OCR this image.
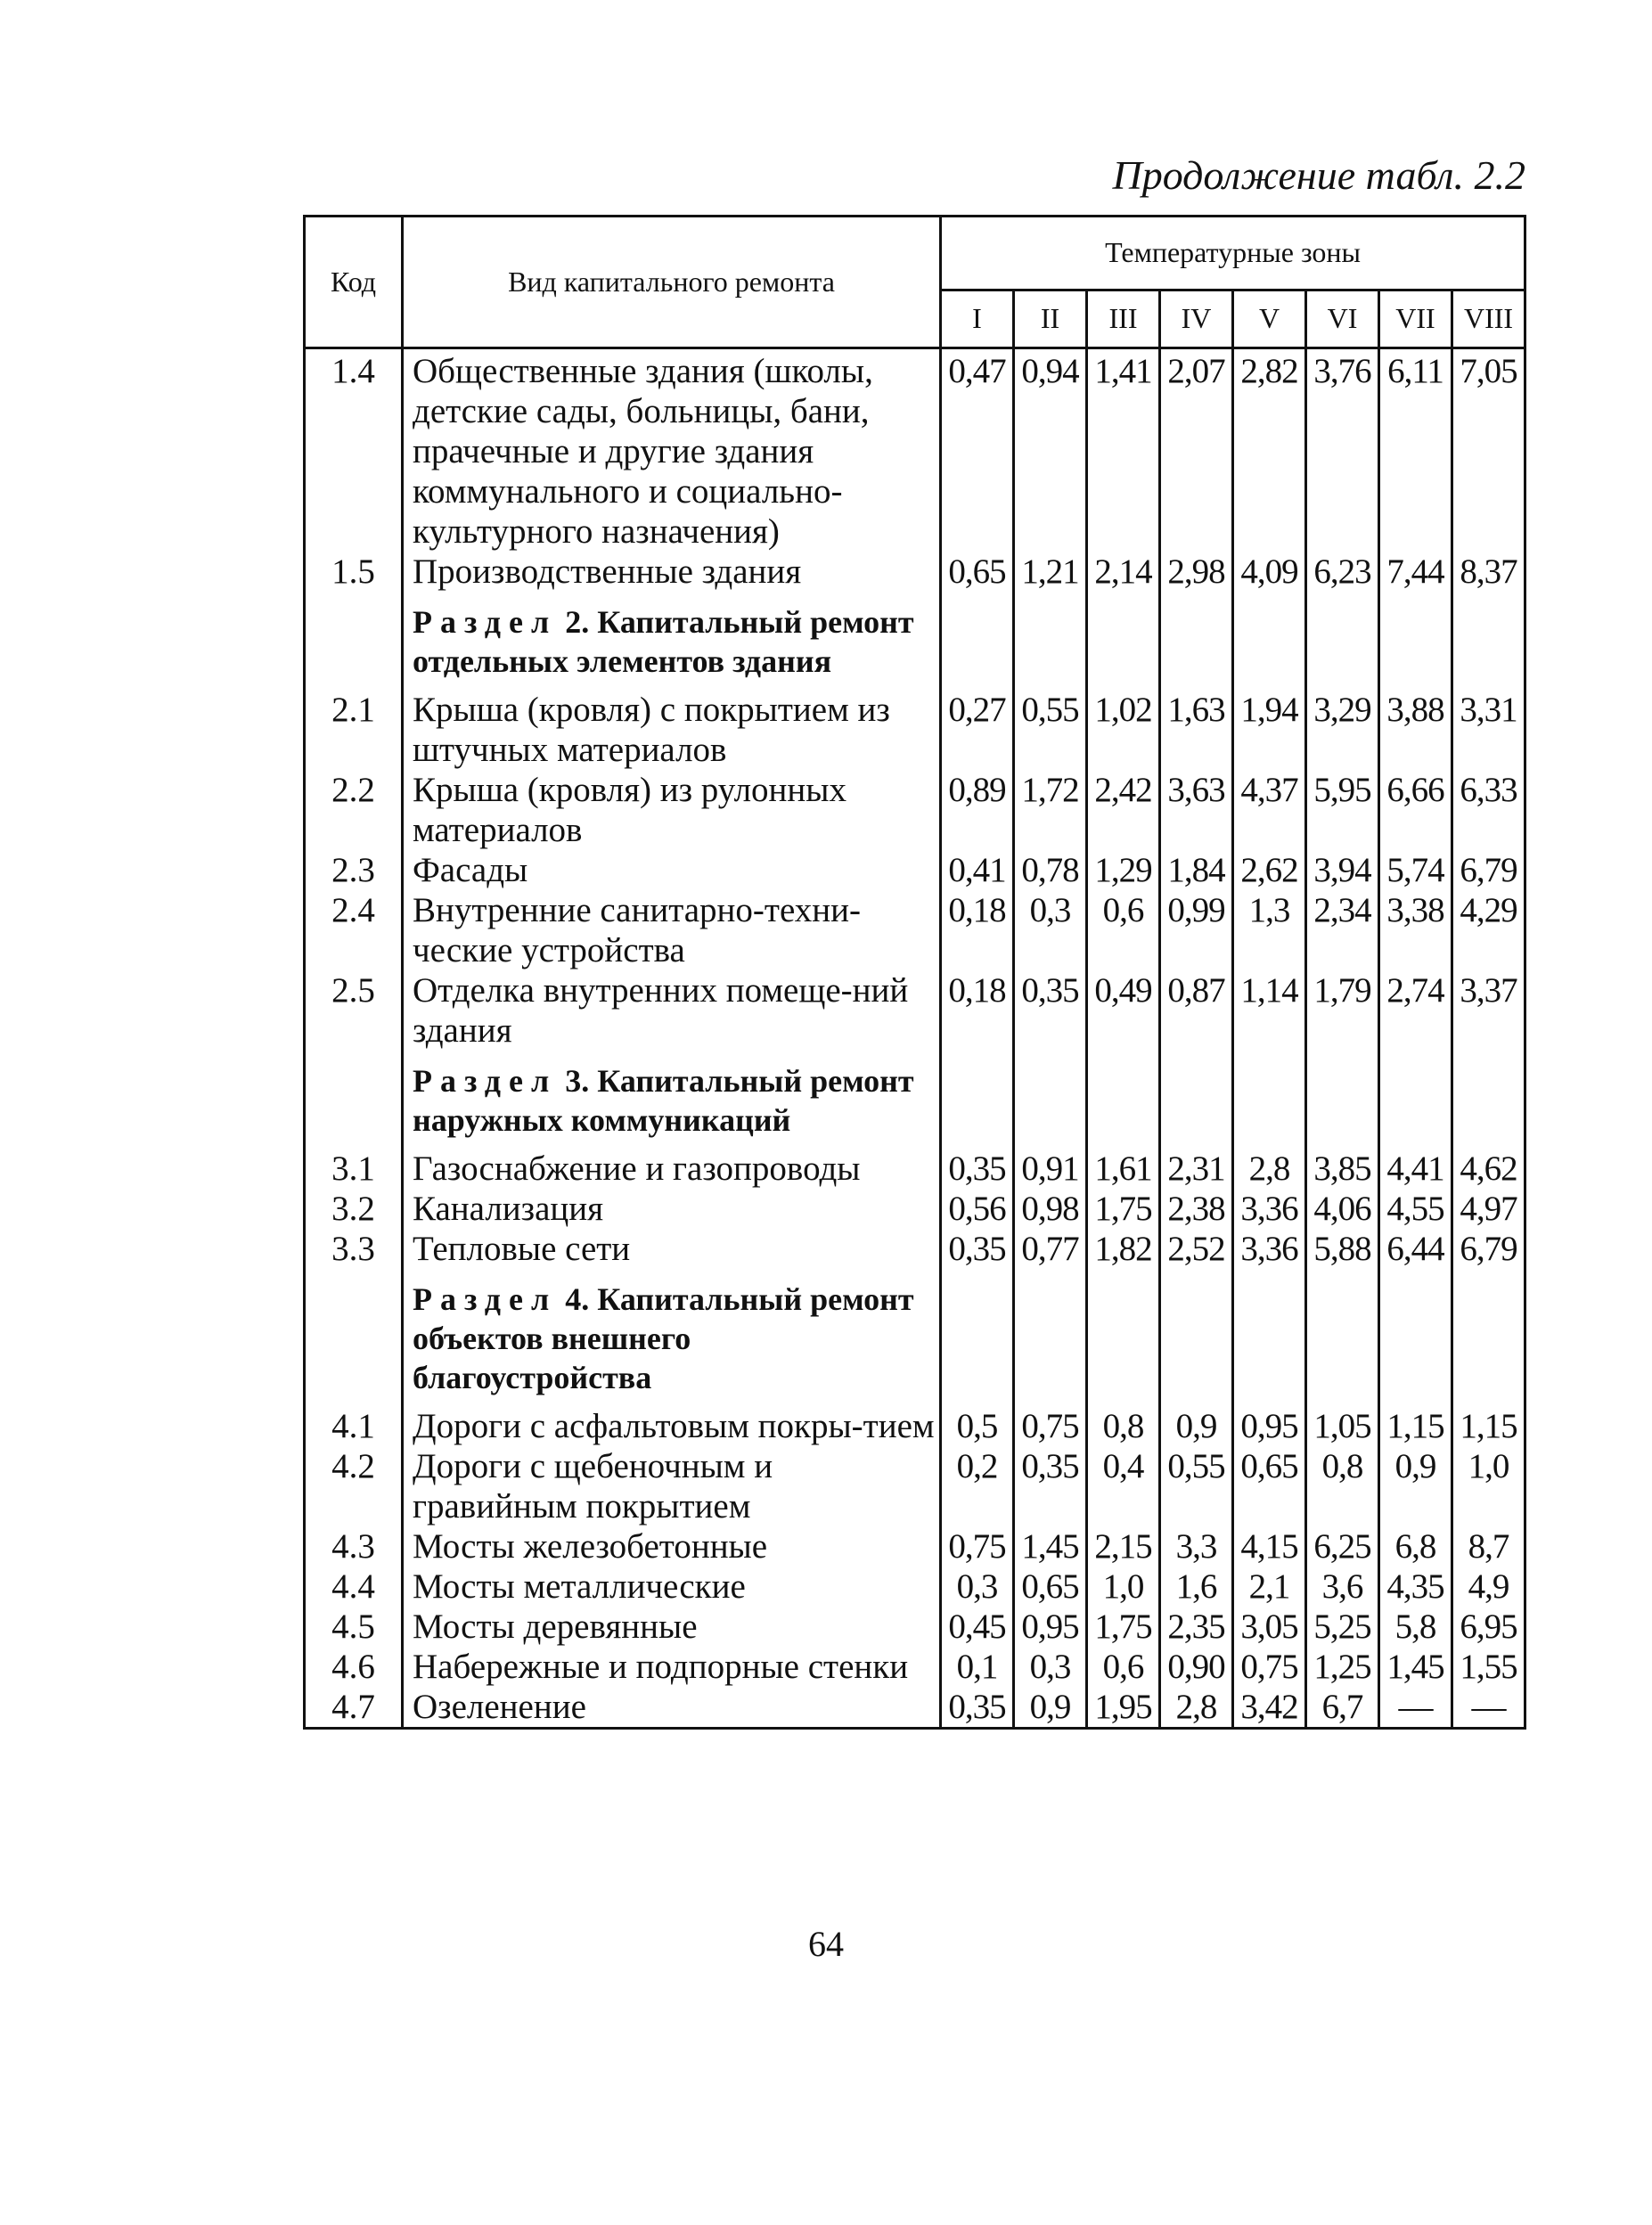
Продолжение табл. 2.2
Код	Вид капитального ремонта	Температурные зоны							
		I	II	III	IV	V	VI	VII	VIII
1.4	Общественные здания (школы, детские сады, больницы, бани, прачечные и другие здания коммунального и социально-культурного назначения)	0,47	0,94	1,41	2,07	2,82	3,76	6,11	7,05
1.5	Производственные здания	0,65	1,21	2,14	2,98	4,09	6,23	7,44	8,37
	Раздел 2. Капитальный ремонт отдельных элементов здания								
2.1	Крыша (кровля) с покрытием из штучных материалов	0,27	0,55	1,02	1,63	1,94	3,29	3,88	3,31
2.2	Крыша (кровля) из рулонных материалов	0,89	1,72	2,42	3,63	4,37	5,95	6,66	6,33
2.3	Фасады	0,41	0,78	1,29	1,84	2,62	3,94	5,74	6,79
2.4	Внутренние санитарно-техни-ческие устройства	0,18	0,3	0,6	0,99	1,3	2,34	3,38	4,29
2.5	Отделка внутренних помеще-ний здания	0,18	0,35	0,49	0,87	1,14	1,79	2,74	3,37
	Раздел 3. Капитальный ремонт наружных коммуникаций								
3.1	Газоснабжение и газопроводы	0,35	0,91	1,61	2,31	2,8	3,85	4,41	4,62
3.2	Канализация	0,56	0,98	1,75	2,38	3,36	4,06	4,55	4,97
3.3	Тепловые сети	0,35	0,77	1,82	2,52	3,36	5,88	6,44	6,79
	Раздел 4. Капитальный ремонт объектов внешнего благоустройства								
4.1	Дороги с асфальтовым покры-тием	0,5	0,75	0,8	0,9	0,95	1,05	1,15	1,15
4.2	Дороги с щебеночным и гравийным покрытием	0,2	0,35	0,4	0,55	0,65	0,8	0,9	1,0
4.3	Мосты железобетонные	0,75	1,45	2,15	3,3	4,15	6,25	6,8	8,7
4.4	Мосты металлические	0,3	0,65	1,0	1,6	2,1	3,6	4,35	4,9
4.5	Мосты деревянные	0,45	0,95	1,75	2,35	3,05	5,25	5,8	6,95
4.6	Набережные и подпорные стенки	0,1	0,3	0,6	0,90	0,75	1,25	1,45	1,55
4.7	Озеленение	0,35	0,9	1,95	2,8	3,42	6,7	—	—
64
